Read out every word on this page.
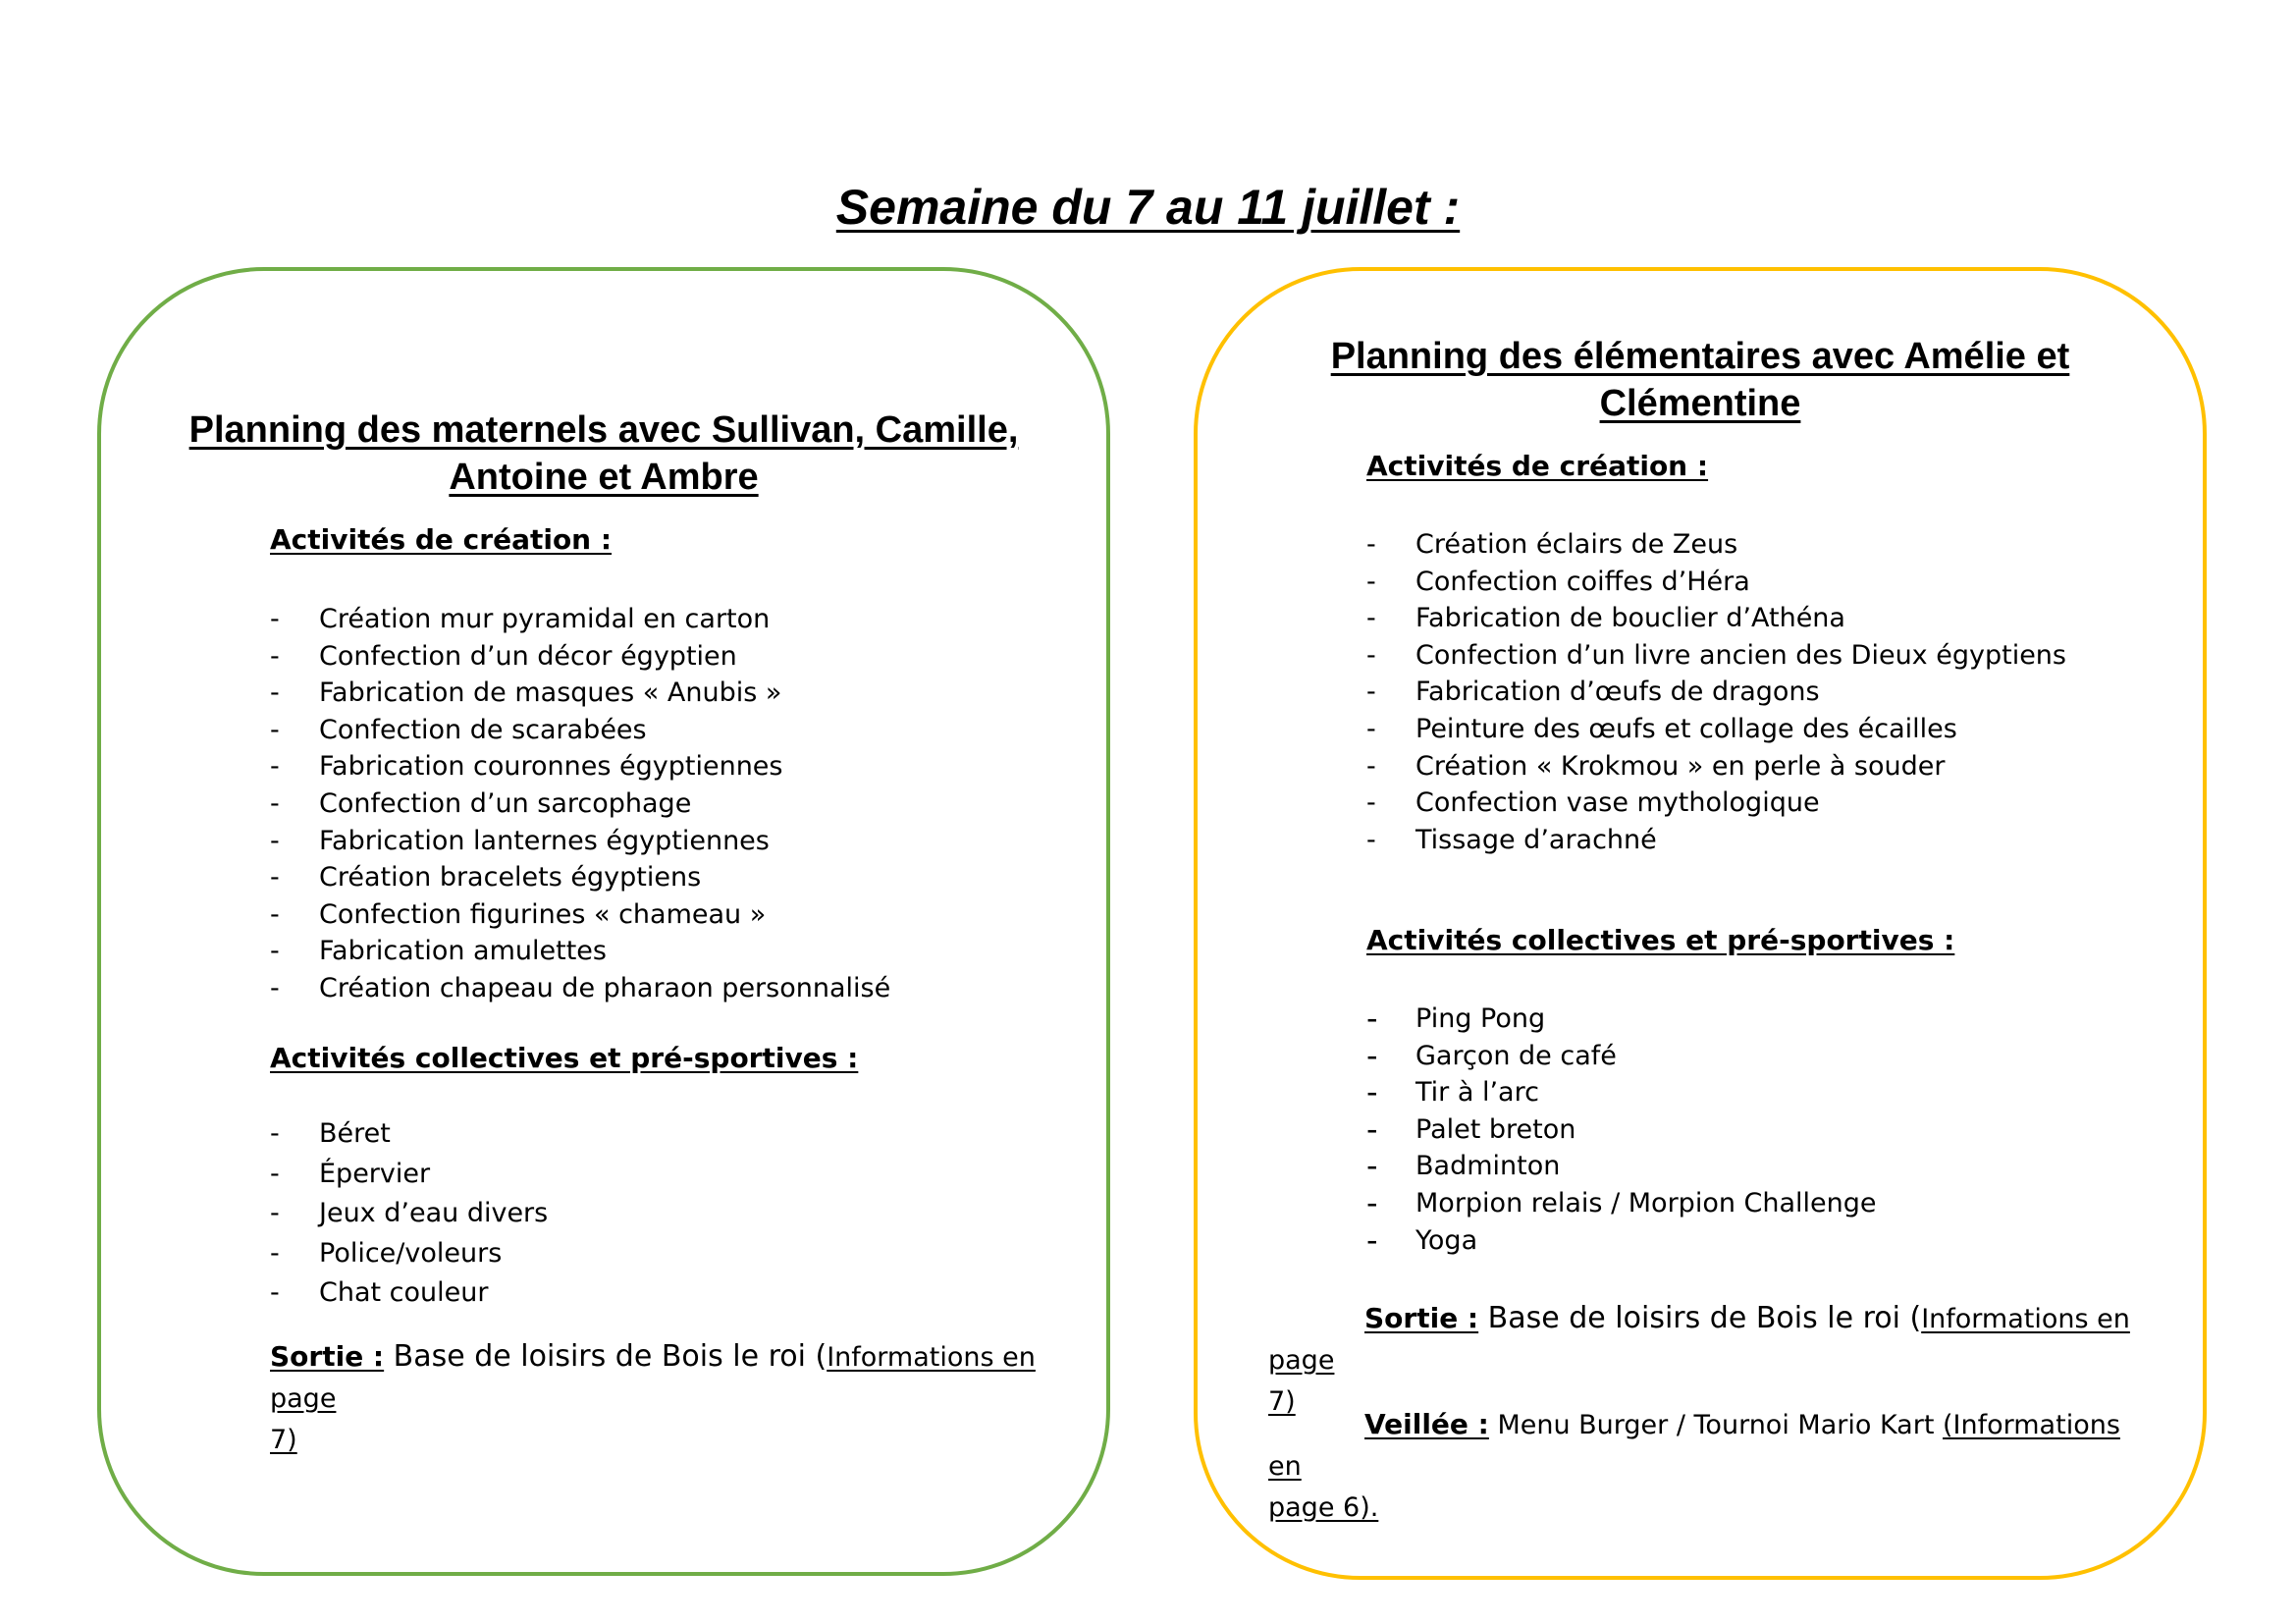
Semaine du 7 au 11 juillet :
Planning des maternels avec Sullivan, Camille,
Antoine et Ambre
Activités de création :
- Création mur pyramidal en carton
- Confection d’un décor égyptien
- Fabrication de masques « Anubis »
- Confection de scarabées
- Fabrication couronnes égyptiennes
- Confection d’un sarcophage
- Fabrication lanternes égyptiennes
- Création bracelets égyptiens
- Confection figurines « chameau »
- Fabrication amulettes
- Création chapeau de pharaon personnalisé
Activités collectives et pré-sportives :
- Béret
- Épervier
- Jeux d’eau divers
- Police/voleurs
- Chat couleur
Sortie : Base de loisirs de Bois le roi (Informations en page
7)
Planning des élémentaires avec Amélie et
Clémentine
Activités de création :
- Création éclairs de Zeus
- Confection coiffes d’Héra
- Fabrication de bouclier d’Athéna
- Confection d’un livre ancien des Dieux égyptiens
- Fabrication d’œufs de dragons
- Peinture des œufs et collage des écailles
- Création « Krokmou » en perle à souder
- Confection vase mythologique
- Tissage d’arachné
Activités collectives et pré-sportives :
- Ping Pong
- Garçon de café
- Tir à l’arc
- Palet breton
- Badminton
- Morpion relais / Morpion Challenge
- Yoga
Sortie : Base de loisirs de Bois le roi (Informations en page
7)
Veillée : Menu Burger / Tournoi Mario Kart (Informations en
page 6).
